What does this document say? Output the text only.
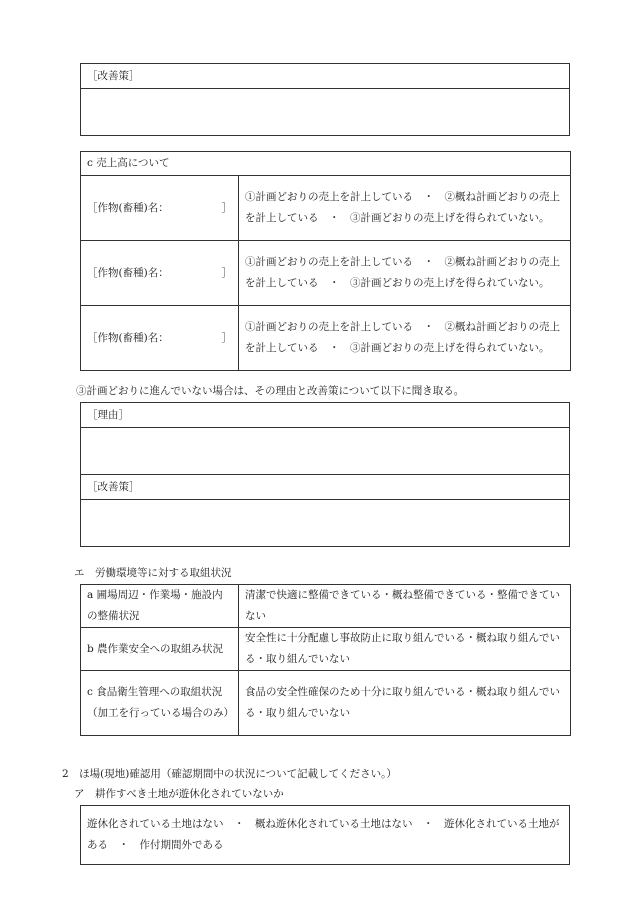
［改善策］

c 売上高について	

［作物(畜種)名： ］	①計画どおりの売上を計上している　・　②概ね計画どおりの売上を計上している　・　③計画どおりの売上げを得られていない。

［作物(畜種)名： ］	①計画どおりの売上を計上している　・　②概ね計画どおりの売上を計上している　・　③計画どおりの売上げを得られていない。

［作物(畜種)名： ］	①計画どおりの売上を計上している　・　②概ね計画どおりの売上を計上している　・　③計画どおりの売上げを得られていない。
③計画どおりに進んでいない場合は、その理由と改善策について以下に聞き取る。
［理由］

［改善策］

エ　労働環境等に対する取組状況
a 圃場周辺・作業場・施設内の整備状況	清潔で快適に整備できている・概ね整備できている・整備できていない
b 農作業安全への取組み状況	安全性に十分配慮し事故防止に取り組んでいる・概ね取り組んでいる・取り組んでいない
c 食品衛生管理への取組状況（加工を行っている場合のみ）	食品の安全性確保のため十分に取り組んでいる・概ね取り組んでいる・取り組んでいない
2　ほ場(現地)確認用（確認期間中の状況について記載してください。）
ア　耕作すべき土地が遊休化されていないか
遊休化されている土地はない　・　概ね遊休化されている土地はない　・　遊休化されている土地がある　・　作付期間外である
